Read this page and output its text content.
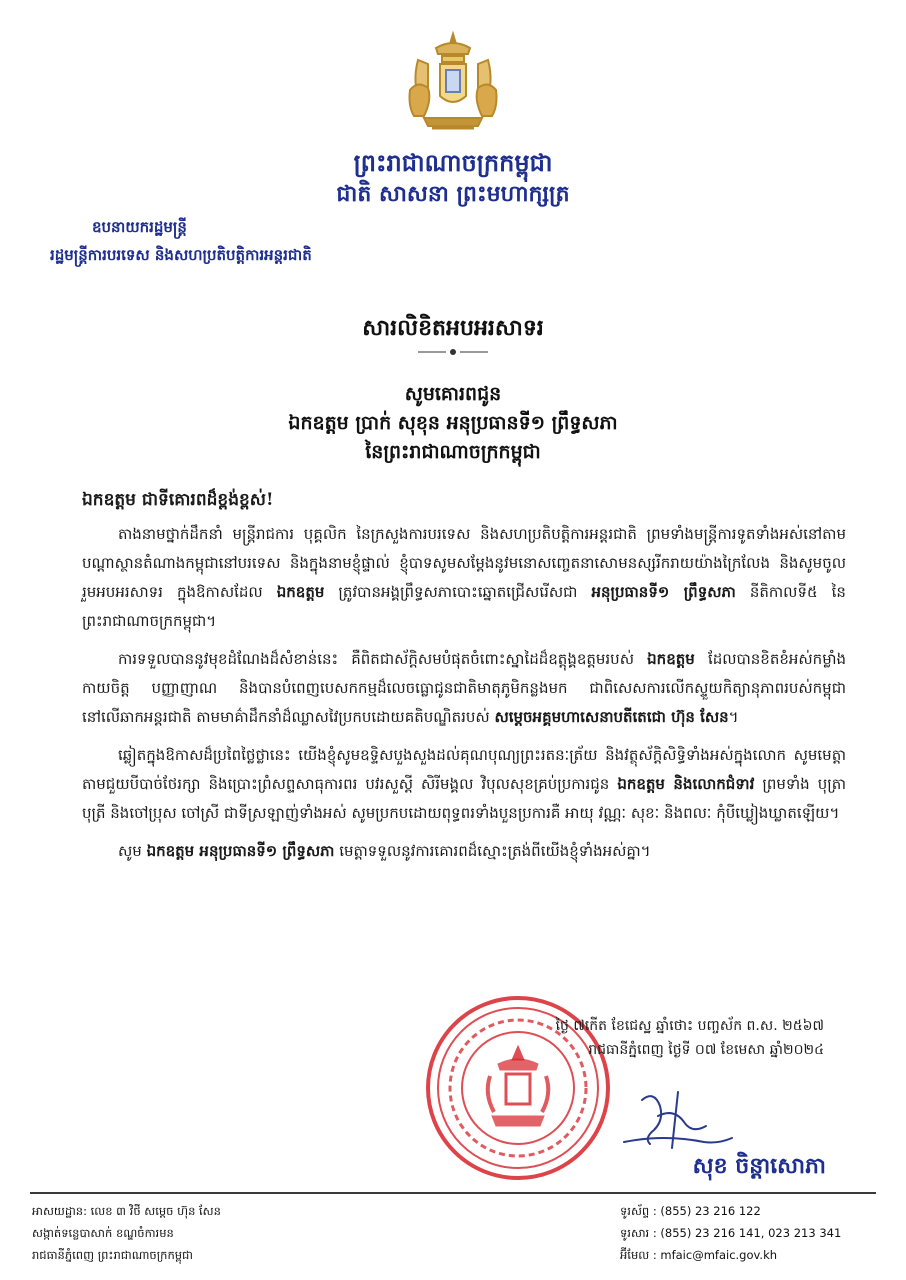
ព្រះរាជាណាចក្រកម្ពុជា
ជាតិ សាសនា ព្រះមហាក្សត្រ
ឧបនាយករដ្ឋមន្ត្រី
រដ្ឋមន្ត្រីការបរទេស និងសហប្រតិបត្តិការអន្តរជាតិ
សារលិខិតអបអរសាទរ
សូមគោរពជូន
ឯកឧត្តម ប្រាក់ សុខុន អនុប្រធានទី១ ព្រឹទ្ធសភា
នៃព្រះរាជាណាចក្រកម្ពុជា
ឯកឧត្តម ជាទីគោរពដ៏ខ្ពង់ខ្ពស់!

តាងនាមថ្នាក់ដឹកនាំ មន្ត្រីរាជការ បុគ្គលិក នៃក្រសួងការបរទេស និងសហប្រតិបត្តិការអន្តរជាតិ ព្រមទាំងមន្ត្រីការទូតទាំងអស់នៅតាមបណ្តាស្ថានតំណាងកម្ពុជានៅបរទេស និងក្នុងនាមខ្ញុំផ្ទាល់ ខ្ញុំបាទសូមសម្តែងនូវមនោសញ្ចេតនាសោមនស្សរីករាយយ៉ាងក្រៃលែង និងសូមចូលរួមអបអរសាទរ ក្នុងឱកាសដែល ឯកឧត្តម ត្រូវបានអង្គព្រឹទ្ធសភាបោះឆ្នោតជ្រើសរើសជា អនុប្រធានទី១ ព្រឹទ្ធសភា នីតិកាលទី៥ នៃព្រះរាជាណាចក្រកម្ពុជា។

ការទទួលបាននូវមុខដំណែងដ៏សំខាន់នេះ គឺពិតជាស័ក្តិសមបំផុតចំពោះស្នាដៃដ៏ឧត្តុង្គឧត្តមរបស់ ឯកឧត្តម ដែលបានខិតខំអស់កម្លាំងកាយចិត្ត បញ្ញាញាណ និងបានបំពេញបេសកកម្មដ៏លេចធ្លោជូនជាតិមាតុភូមិកន្លងមក ជាពិសេសការលើកស្ទួយកិត្យានុភាពរបស់កម្ពុជានៅលើឆាកអន្តរជាតិ តាមមាគ៌ាដឹកនាំដ៏ឈ្លាសវៃប្រកបដោយគតិបណ្ឌិតរបស់ សម្តេចអគ្គមហាសេនាបតីតេជោ ហ៊ុន សែន។

ឆ្លៀតក្នុងឱកាសដ៏ប្រពៃថ្លៃថ្លានេះ យើងខ្ញុំសូមឧទ្ទិសបួងសួងដល់គុណបុណ្យព្រះរតនៈត្រ័យ និងវត្ថុស័ក្តិសិទ្ធិទាំងអស់ក្នុងលោក សូមមេត្តាតាមជួយបីបាច់ថែរក្សា និងប្រោះព្រំសព្ទសាធុការពរ បវរសួស្តី សិរីមង្គល វិបុលសុខគ្រប់ប្រការជូន ឯកឧត្តម និងលោកជំទាវ ព្រមទាំង បុត្រា បុត្រី និងចៅប្រុស ចៅស្រី ជាទីស្រឡាញ់ទាំងអស់ សូមប្រកបដោយពុទ្ធពរទាំងបួនប្រការគឺ អាយុ វណ្ណៈ សុខៈ និងពលៈ កុំបីឃ្លៀងឃ្លាតឡើយ។

សូម ឯកឧត្តម អនុប្រធានទី១ ព្រឹទ្ធសភា មេត្តាទទួលនូវការគោរពដ៏ស្មោះត្រង់ពីយើងខ្ញុំទាំងអស់គ្នា។

ថ្ងៃ ៧កើត ខែជេស្ឋ ឆ្នាំថោះ បញ្ចស័ក ព.ស. ២៥៦៧
រាជធានីភ្នំពេញ ថ្ងៃទី ០៧ ខែមេសា ឆ្នាំ២០២៤
សុខ ចិន្តាសោភា
អាសយដ្ឋាន: លេខ ៣ វិថី សម្តេច ហ៊ុន សែន
សង្កាត់ទន្លេបាសាក់ ខណ្ឌចំការមន
រាជធានីភ្នំពេញ ព្រះរាជាណាចក្រកម្ពុជា
ទូរស័ព្ទ : (855) 23 216 122
ទូរសារ : (855) 23 216 141, 023 213 341
អ៊ីមែល : mfaic@mfaic.gov.kh
